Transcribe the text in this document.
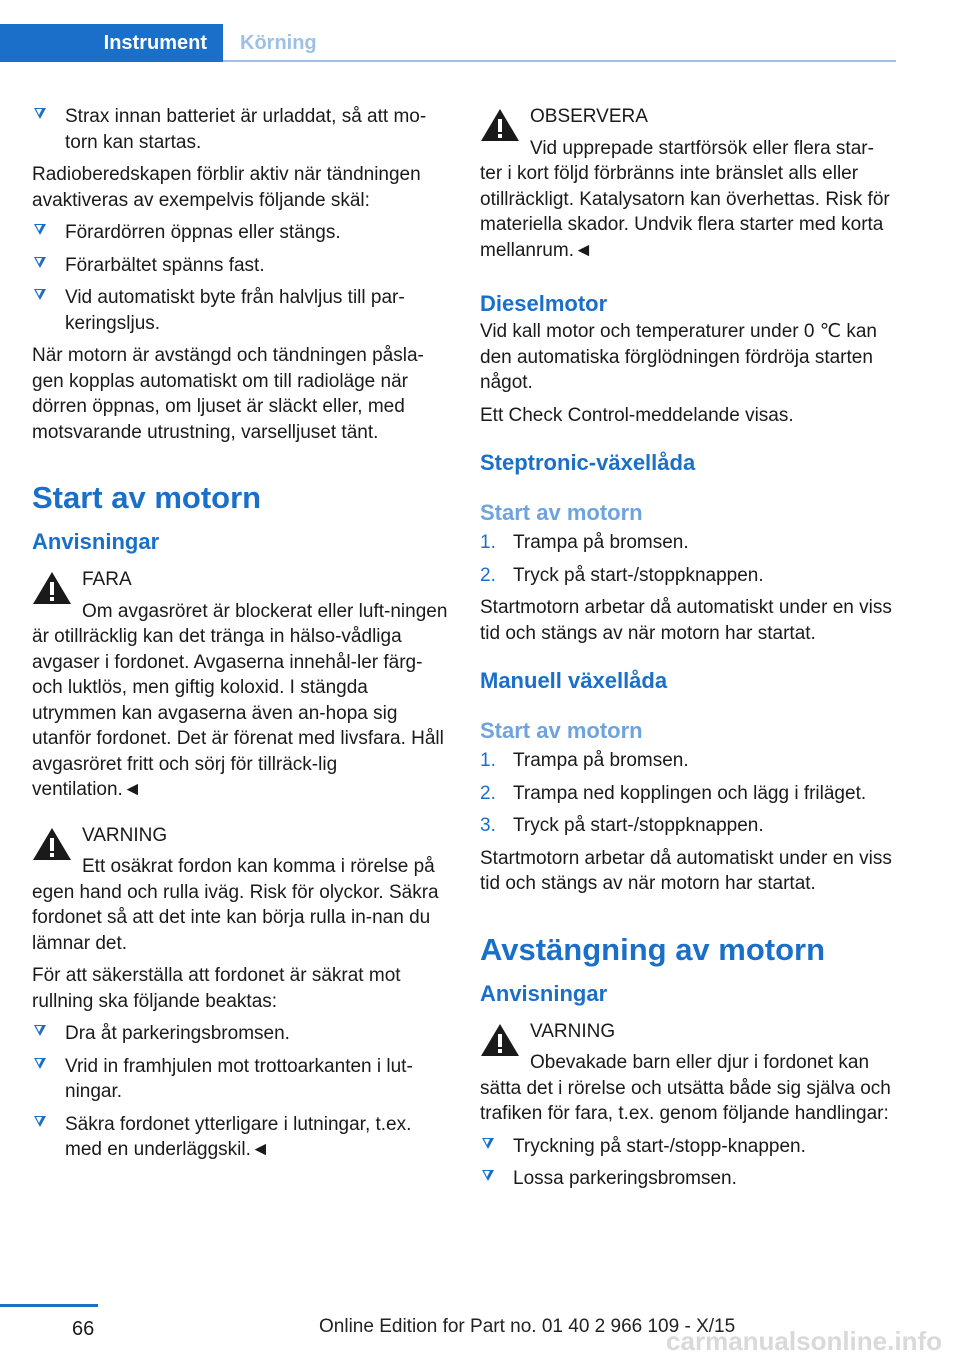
Instrument Körning
Strax innan batteriet är urladdat, så att mo-torn kan startas.

Radioberedskapen förblir aktiv när tändningen avaktiveras av exempelvis följande skäl:

Förardörren öppnas eller stängs.
Förarbältet spänns fast.
Vid automatiskt byte från halvljus till par-keringsljus.

När motorn är avstängd och tändningen påsla-gen kopplas automatiskt om till radioläge när dörren öppnas, om ljuset är släckt eller, med motsvarande utrustning, varselljuset tänt.

Start av motorn
Anvisningar

FARA

Om avgasröret är blockerat eller luft-ningen är otillräcklig kan det tränga in hälso-vådliga avgaser i fordonet. Avgaserna innehål-ler färg- och luktlös, men giftig koloxid. I stängda utrymmen kan avgaserna även an-hopa sig utanför fordonet. Det är förenat med livsfara. Håll avgasröret fritt och sörj för tillräck-lig ventilation.◄

VARNING

Ett osäkrat fordon kan komma i rörelse på egen hand och rulla iväg. Risk för olyckor. Säkra fordonet så att det inte kan börja rulla in-nan du lämnar det.

För att säkerställa att fordonet är säkrat mot rullning ska följande beaktas:

Dra åt parkeringsbromsen.
Vrid in framhjulen mot trottoarkanten i lut-ningar.
Säkra fordonet ytterligare i lutningar, t.ex. med en underläggskil.◄

OBSERVERA

Vid upprepade startförsök eller flera star-ter i kort följd förbränns inte bränslet alls eller otillräckligt. Katalysatorn kan överhettas. Risk för materiella skador. Undvik flera starter med korta mellanrum.◄

Dieselmotor

Vid kall motor och temperaturer under 0 ℃ kan den automatiska förglödningen fördröja starten något.

Ett Check Control-meddelande visas.

Steptronic-växellåda
Start av motorn
1. Trampa på bromsen.
2. Tryck på start-/stoppknappen.

Startmotorn arbetar då automatiskt under en viss tid och stängs av när motorn har startat.

Manuell växellåda
Start av motorn
1. Trampa på bromsen.
2. Trampa ned kopplingen och lägg i friläget.
3. Tryck på start-/stoppknappen.

Startmotorn arbetar då automatiskt under en viss tid och stängs av när motorn har startat.

Avstängning av motorn
Anvisningar

VARNING

Obevakade barn eller djur i fordonet kan sätta det i rörelse och utsätta både sig själva och trafiken för fara, t.ex. genom följande handlingar:

Tryckning på start-/stopp-knappen.
Lossa parkeringsbromsen.
66	Online Edition for Part no. 01 40 2 966 109 - X/15
carmanualsonline.info
